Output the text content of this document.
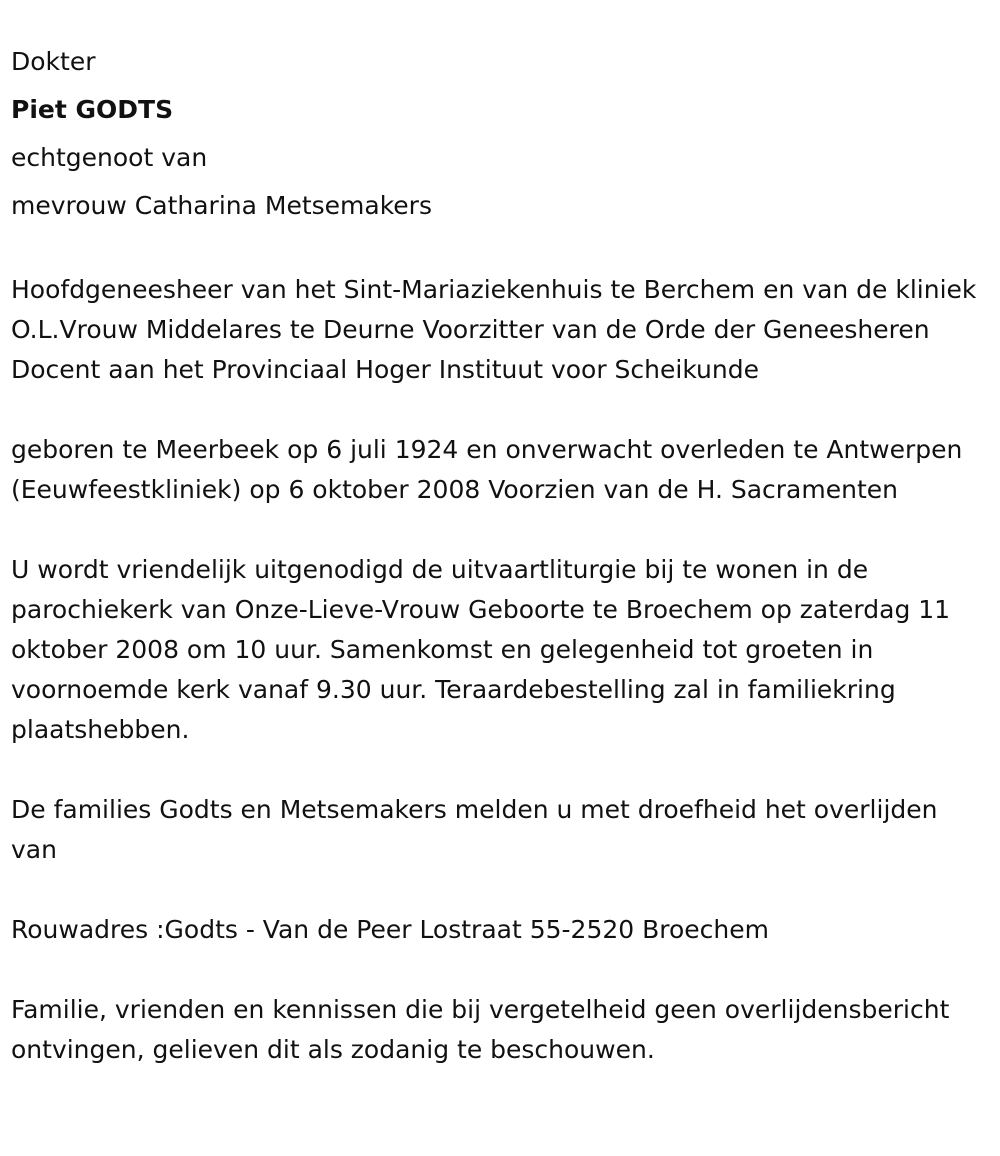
Dokter
Piet GODTS
echtgenoot van
mevrouw Catharina Metsemakers

Hoofdgeneesheer van het Sint-Mariaziekenhuis te Berchem en van de kliniek O.L.Vrouw Middelares te Deurne Voorzitter van de Orde der Geneesheren Docent aan het Provinciaal Hoger Instituut voor Scheikunde

geboren te Meerbeek op 6 juli 1924 en onverwacht overleden te Antwerpen (Eeuwfeestkliniek) op 6 oktober 2008 Voorzien van de H. Sacramenten

U wordt vriendelijk uitgenodigd de uitvaartliturgie bij te wonen in de parochiekerk van Onze-Lieve-Vrouw Geboorte te Broechem op zaterdag 11 oktober 2008 om 10 uur. Samenkomst en gelegenheid tot groeten in voornoemde kerk vanaf 9.30 uur. Teraardebestelling zal in familiekring plaatshebben.

De families Godts en Metsemakers melden u met droefheid het overlijden van

Rouwadres :Godts - Van de Peer Lostraat 55-2520 Broechem

Familie, vrienden en kennissen die bij vergetelheid geen overlijdensbericht ontvingen, gelieven dit als zodanig te beschouwen.
